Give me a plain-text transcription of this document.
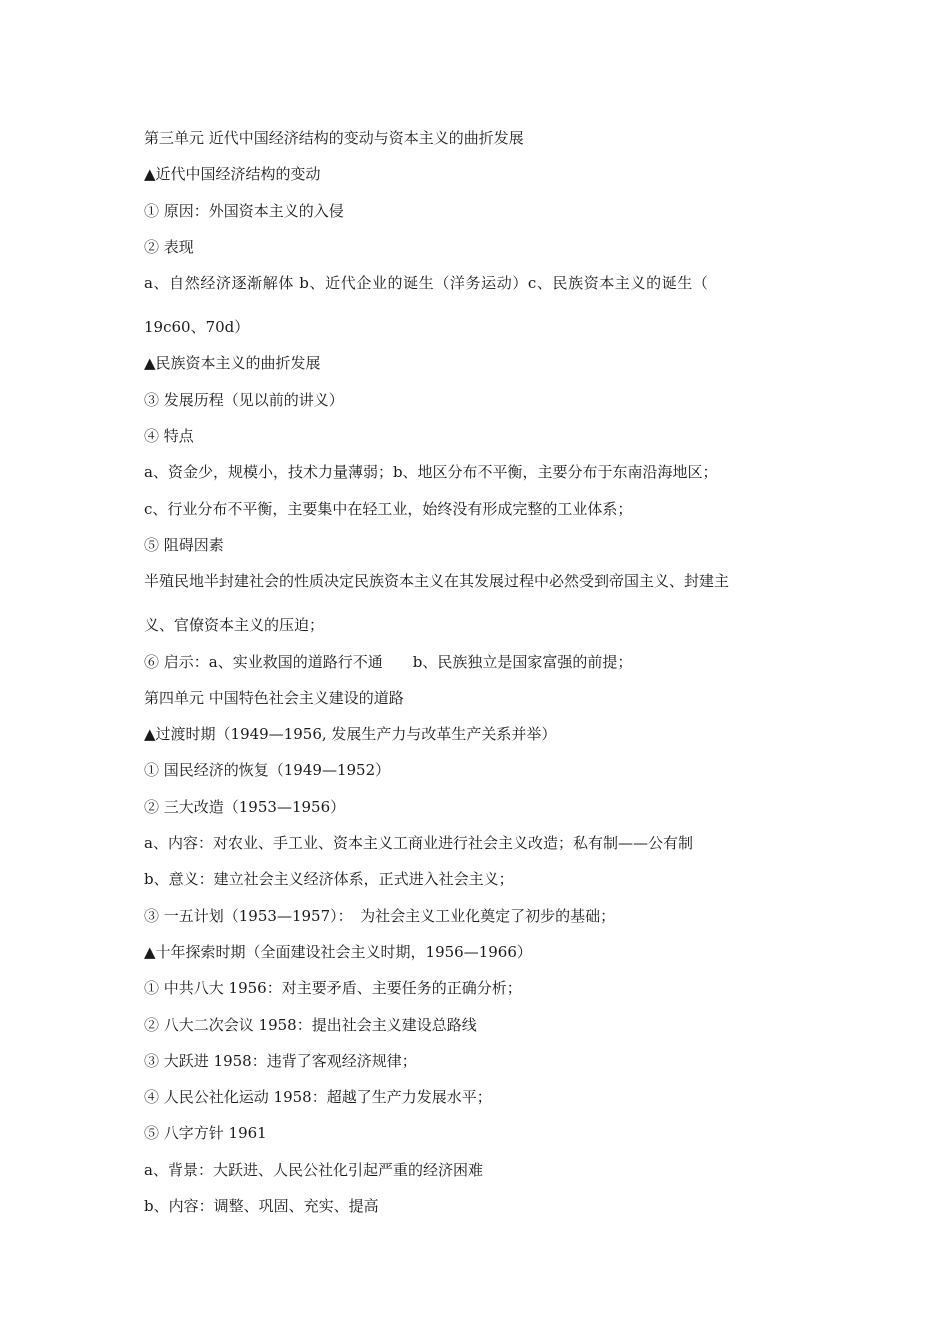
第三单元 近代中国经济结构的变动与资本主义的曲折发展
▲近代中国经济结构的变动
① 原因：外国资本主义的入侵
② 表现
a、自然经济逐渐解体 b、近代企业的诞生（洋务运动）c、民族资本主义的诞生（
19c60、70d）
▲民族资本主义的曲折发展
③ 发展历程（见以前的讲义）
④ 特点
a、资金少，规模小，技术力量薄弱；b、地区分布不平衡，主要分布于东南沿海地区；
c、行业分布不平衡，主要集中在轻工业，始终没有形成完整的工业体系；
⑤ 阻碍因素
半殖民地半封建社会的性质决定民族资本主义在其发展过程中必然受到帝国主义、封建主
义、官僚资本主义的压迫；
⑥ 启示：a、实业救国的道路行不通　　b、民族独立是国家富强的前提；
第四单元 中国特色社会主义建设的道路
▲过渡时期（1949—1956, 发展生产力与改革生产关系并举）
① 国民经济的恢复（1949—1952）
② 三大改造（1953—1956）
a、内容：对农业、手工业、资本主义工商业进行社会主义改造；私有制——公有制
b、意义：建立社会主义经济体系，正式进入社会主义；
③ 一五计划（1953—1957）：　为社会主义工业化奠定了初步的基础；
▲十年探索时期（全面建设社会主义时期，1956—1966）
① 中共八大 1956：对主要矛盾、主要任务的正确分析；
② 八大二次会议 1958：提出社会主义建设总路线
③ 大跃进 1958：违背了客观经济规律；
④ 人民公社化运动 1958：超越了生产力发展水平；
⑤ 八字方针 1961
a、背景：大跃进、人民公社化引起严重的经济困难
b、内容：调整、巩固、充实、提高
